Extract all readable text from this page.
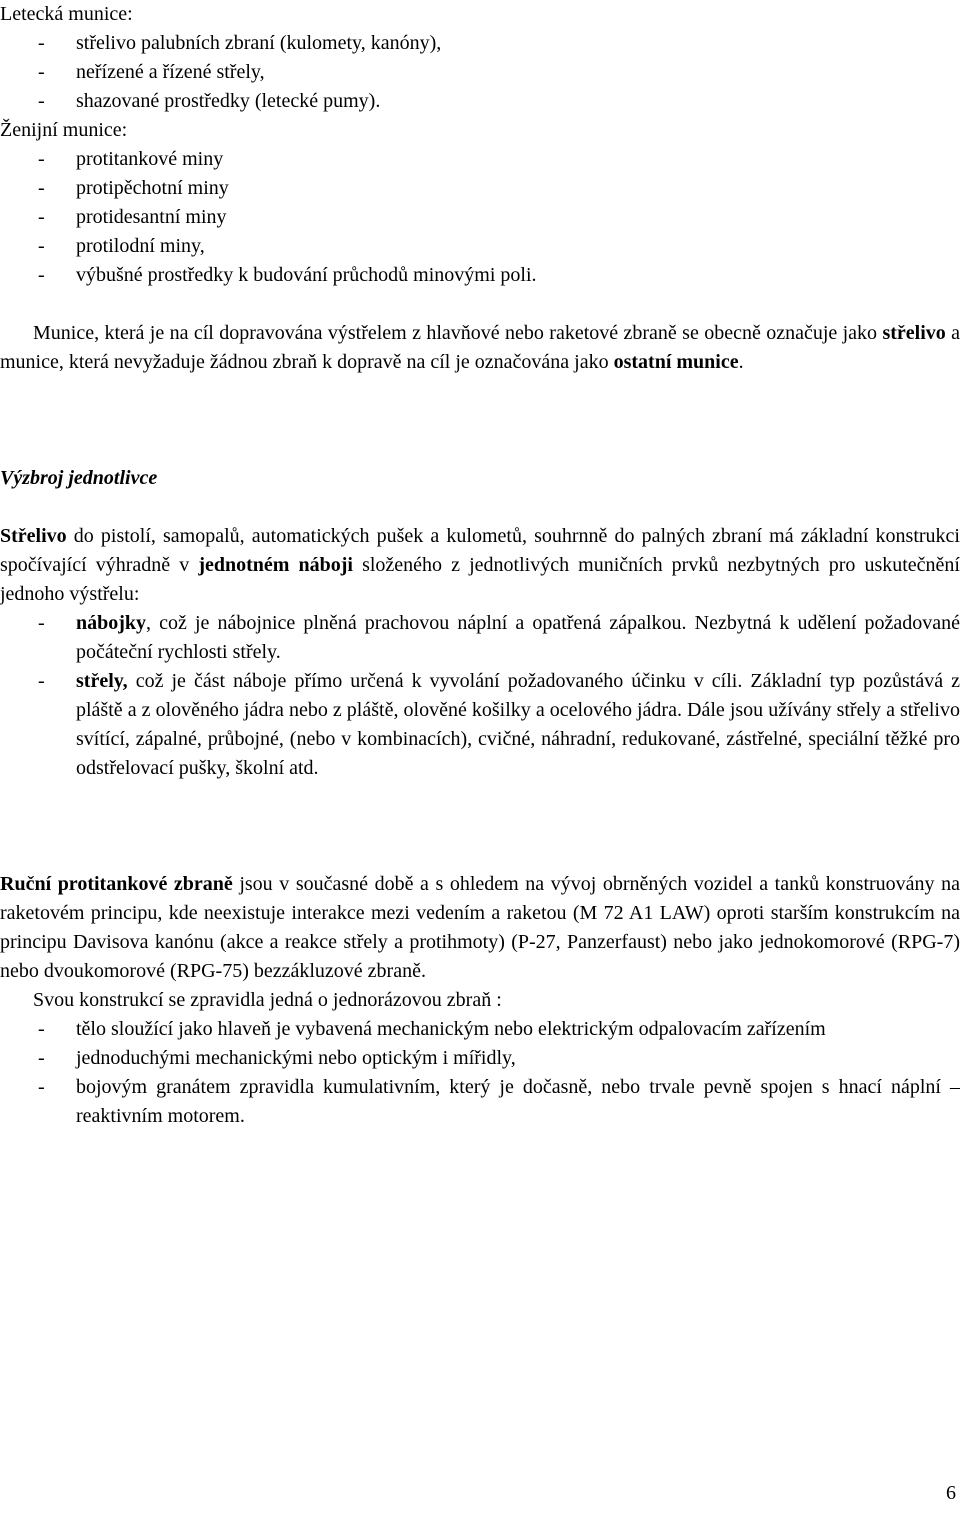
Letecká munice:

- střelivo palubních zbraní (kulomety, kanóny),
- neřízené a řízené střely,
- shazované prostředky (letecké pumy).

Ženijní munice:

- protitankové miny
- protipěchotní miny
- protidesantní miny
- protilodní miny,
- výbušné prostředky k budování průchodů minovými poli.

Munice, která je na cíl dopravována výstřelem z hlavňové nebo raketové zbraně se obecně označuje jako střelivo a munice, která nevyžaduje žádnou zbraň k dopravě na cíl je označována jako ostatní munice.

Výzbroj jednotlivce

Střelivo do pistolí, samopalů, automatických pušek a kulometů, souhrnně do palných zbraní má základní konstrukci spočívající výhradně v jednotném náboji složeného z jednotlivých muničních prvků nezbytných pro uskutečnění jednoho výstřelu:

- nábojky, což je nábojnice plněná prachovou náplní a opatřená zápalkou. Nezbytná k udělení požadované počáteční rychlosti střely.
- střely, což je část náboje přímo určená k vyvolání požadovaného účinku v cíli. Základní typ pozůstává z pláště a z olověného jádra nebo z pláště, olověné košilky a ocelového jádra. Dále jsou užívány střely a střelivo svítící, zápalné, průbojné, (nebo v kombinacích), cvičné, náhradní, redukované, zástřelné, speciální těžké pro odstřelovací pušky, školní atd.

Ruční protitankové zbraně jsou v současné době a s ohledem na vývoj obrněných vozidel a tanků konstruovány na raketovém principu, kde neexistuje interakce mezi vedením a raketou (M 72 A1 LAW) oproti starším konstrukcím na principu Davisova kanónu (akce a reakce střely a protihmoty) (P-27, Panzerfaust) nebo jako jednokomorové (RPG-7) nebo dvoukomorové (RPG-75) bezzákluzové zbraně.

Svou konstrukcí se zpravidla jedná o jednorázovou zbraň :

- tělo sloužící jako hlaveň je vybavená mechanickým nebo elektrickým odpalovacím zařízením
- jednoduchými mechanickými nebo optickým i mířidly,
- bojovým granátem zpravidla kumulativním, který je dočasně, nebo trvale pevně spojen s hnací náplní – reaktivním motorem.
6
